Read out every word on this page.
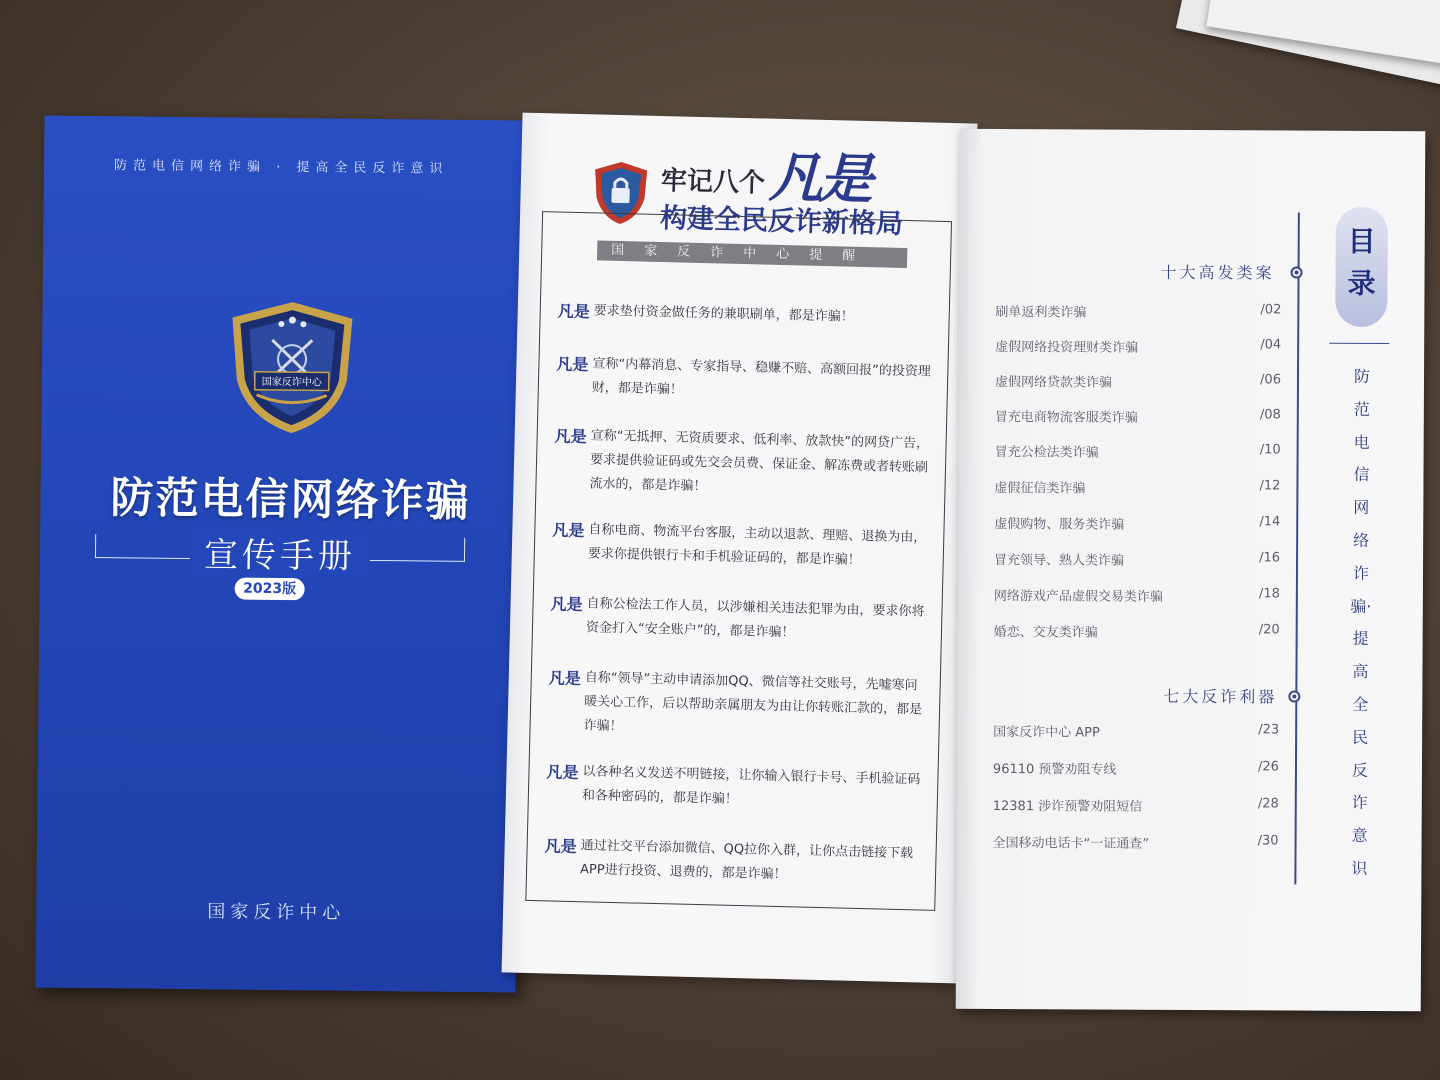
防范电信网络诈骗 · 提高全民反诈意识
国家反诈中心
防范电信网络诈骗
宣传手册
2023版
国家反诈中心
牢记八个 凡是
构建全民反诈新格局
国家反诈中心提醒
凡是 要求垫付资金做任务的兼职刷单，都是诈骗！
凡是 宣称“内幕消息、专家指导、稳赚不赔、高额回报”的投资理财，都是诈骗！
凡是 宣称“无抵押、无资质要求、低利率、放款快”的网贷广告，要求提供验证码或先交会员费、保证金、解冻费或者转账刷流水的，都是诈骗！
凡是 自称电商、物流平台客服，主动以退款、理赔、退换为由，要求你提供银行卡和手机验证码的，都是诈骗！
凡是 自称公检法工作人员，以涉嫌相关违法犯罪为由，要求你将资金打入“安全账户”的，都是诈骗！
凡是 自称“领导”主动申请添加QQ、微信等社交账号，先嘘寒问暖关心工作，后以帮助亲属朋友为由让你转账汇款的，都是诈骗！
凡是 以各种名义发送不明链接，让你输入银行卡号、手机验证码和各种密码的，都是诈骗！
凡是 通过社交平台添加微信、QQ拉你入群，让你点击链接下载APP进行投资、退费的，都是诈骗！
十大高发类案
刷单返利类诈骗	/02
虚假网络投资理财类诈骗	/04
虚假网络贷款类诈骗	/06
冒充电商物流客服类诈骗	/08
冒充公检法类诈骗	/10
虚假征信类诈骗	/12
虚假购物、服务类诈骗	/14
冒充领导、熟人类诈骗	/16
网络游戏产品虚假交易类诈骗	/18
婚恋、交友类诈骗	/20
七大反诈利器
国家反诈中心 APP	/23
96110 预警劝阻专线	/26
12381 涉诈预警劝阻短信	/28
全国移动电话卡“一证通查”	/30
目录
防范电信网络诈骗·提高全民反诈意识
